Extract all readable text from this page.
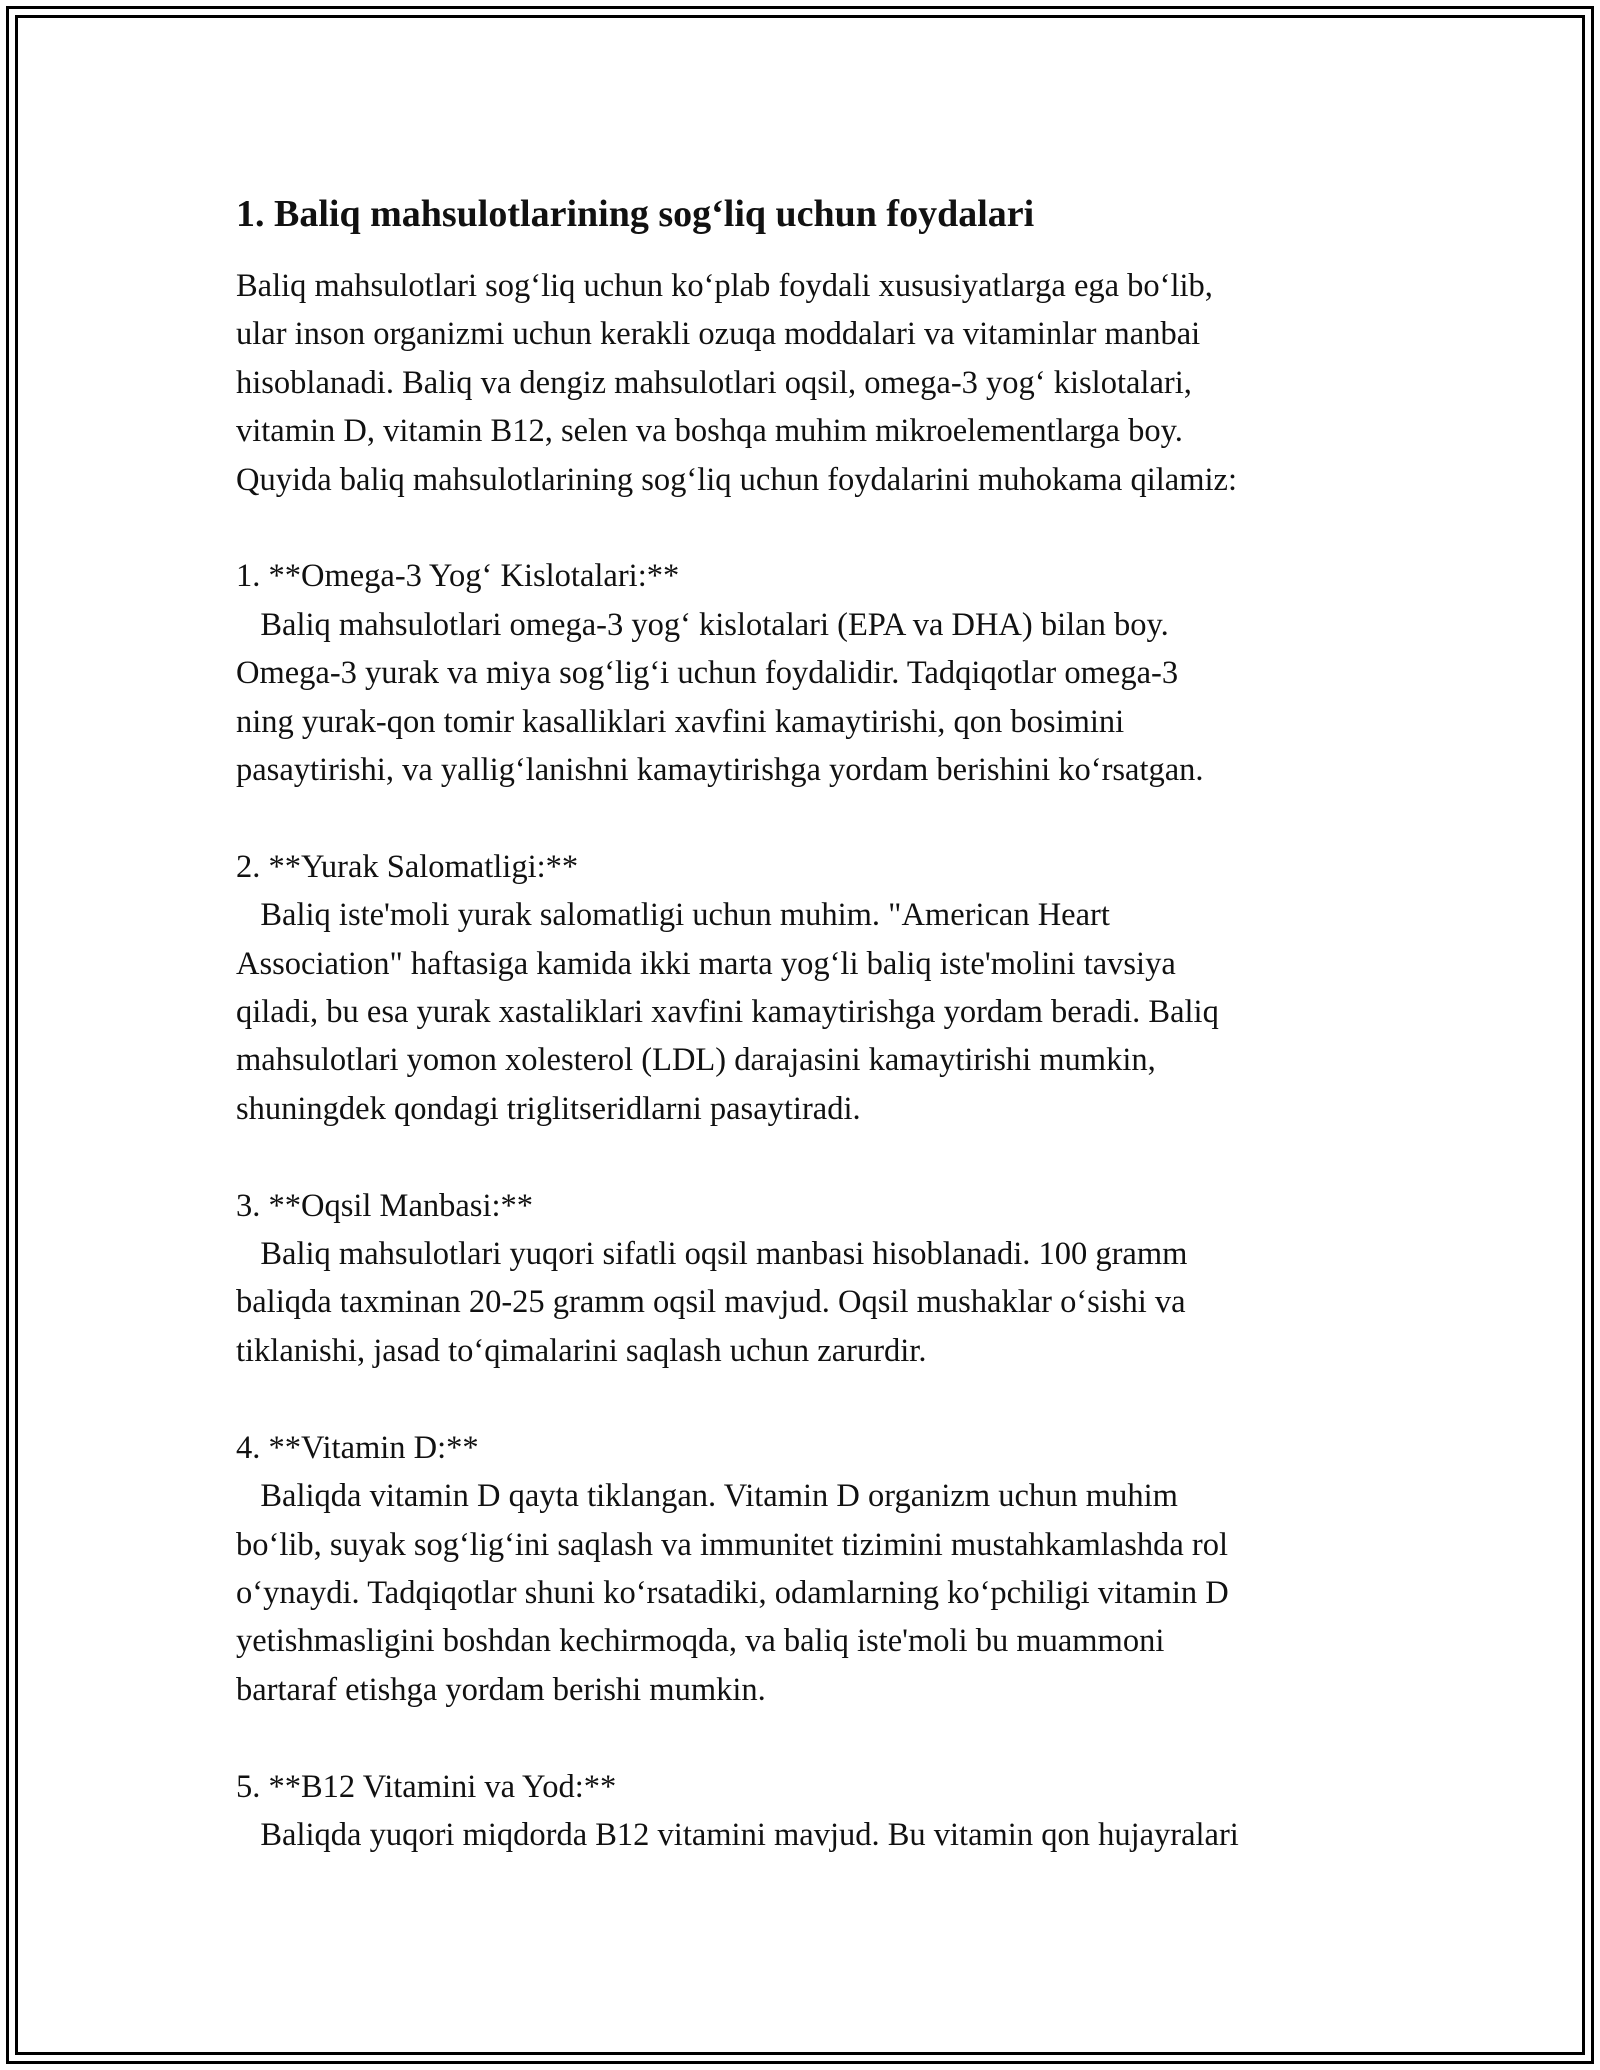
1. Baliq mahsulotlarining sog‘liq uchun foydalari

Baliq mahsulotlari sog‘liq uchun ko‘plab foydali xususiyatlarga ega bo‘lib,

ular inson organizmi uchun kerakli ozuqa moddalari va vitaminlar manbai

hisoblanadi. Baliq va dengiz mahsulotlari oqsil, omega-3 yog‘ kislotalari,

vitamin D, vitamin B12, selen va boshqa muhim mikroelementlarga boy.

Quyida baliq mahsulotlarining sog‘liq uchun foydalarini muhokama qilamiz:

1. **Omega-3 Yog‘ Kislotalari:**

Baliq mahsulotlari omega-3 yog‘ kislotalari (EPA va DHA) bilan boy.

Omega-3 yurak va miya sog‘lig‘i uchun foydalidir. Tadqiqotlar omega-3

ning yurak-qon tomir kasalliklari xavfini kamaytirishi, qon bosimini

pasaytirishi, va yallig‘lanishni kamaytirishga yordam berishini ko‘rsatgan.

2. **Yurak Salomatligi:**

Baliq iste'moli yurak salomatligi uchun muhim. "American Heart

Association" haftasiga kamida ikki marta yog‘li baliq iste'molini tavsiya

qiladi, bu esa yurak xastaliklari xavfini kamaytirishga yordam beradi. Baliq

mahsulotlari yomon xolesterol (LDL) darajasini kamaytirishi mumkin,

shuningdek qondagi triglitseridlarni pasaytiradi.

3. **Oqsil Manbasi:**

Baliq mahsulotlari yuqori sifatli oqsil manbasi hisoblanadi. 100 gramm

baliqda taxminan 20-25 gramm oqsil mavjud. Oqsil mushaklar o‘sishi va

tiklanishi, jasad to‘qimalarini saqlash uchun zarurdir.

4. **Vitamin D:**

Baliqda vitamin D qayta tiklangan. Vitamin D organizm uchun muhim

bo‘lib, suyak sog‘lig‘ini saqlash va immunitet tizimini mustahkamlashda rol

o‘ynaydi. Tadqiqotlar shuni ko‘rsatadiki, odamlarning ko‘pchiligi vitamin D

yetishmasligini boshdan kechirmoqda, va baliq iste'moli bu muammoni

bartaraf etishga yordam berishi mumkin.

5. **B12 Vitamini va Yod:**

Baliqda yuqori miqdorda B12 vitamini mavjud. Bu vitamin qon hujayralari
